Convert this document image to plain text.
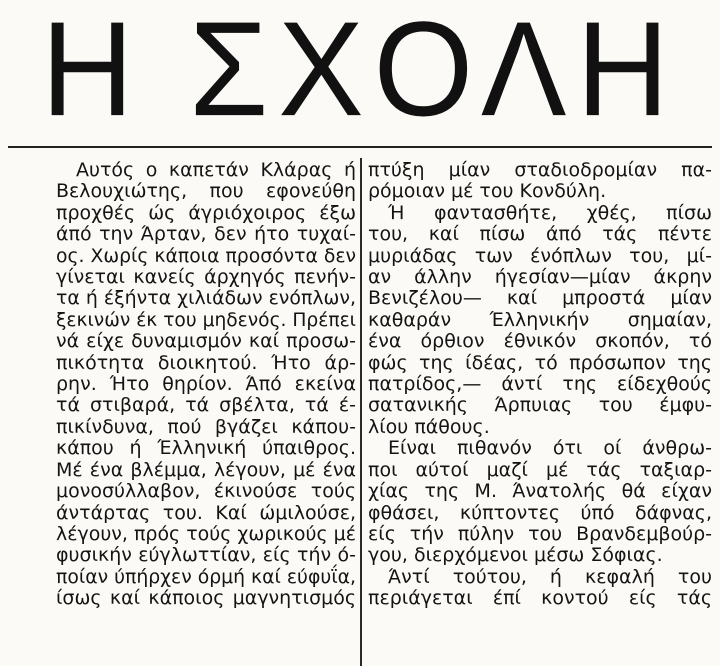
Η ΣΧΟΛΗ
Αυτός ο καπετάν Κλάρας ή
Βελουχιώτης, που εφονεύθη
προχθές ώς άγριόχοιρος έξω
άπό την Άρταν, δεν ήτο τυχαί-
ος. Χωρίς κάποια προσόντα δεν
γίνεται κανείς άρχηγός πενήν-
τα ή έξήντα χιλιάδων ενόπλων,
ξεκινών έκ του μηδενός. Πρέπει
νά είχε δυναμισμόν καί προσω-
πικότητα διοικητού. Ήτο άρ-
ρην. Ήτο θηρίον. Άπό εκείνα
τά στιβαρά, τά σβέλτα, τά έ-
πικίνδυνα, πού βγάζει κάπου-
κάπου ή Έλληνική ύπαιθρος.
Μέ ένα βλέμμα, λέγουν, μέ ένα
μονοσύλλαβον, έκινούσε τούς
άντάρτας του. Καί ώμιλούσε,
λέγουν, πρός τούς χωρικούς μέ
φυσικήν εύγλωττίαν, είς τήν ό-
ποίαν ύπήρχεν όρμή καί εύφυΐα,
ίσως καί κάποιος μαγνητισμός
πτύξη μίαν σταδιοδρομίαν πα-
ρόμοιαν μέ του Κονδύλη.
Ή φαντασθήτε, χθές, πίσω
του, καί πίσω άπό τάς πέντε
μυριάδας των ένόπλων του, μί-
αν άλλην ήγεσίαν—μίαν άκρην
Βενιζέλου— καί μπροστά μίαν
καθαράν Έλληνικήν σημαίαν,
ένα όρθιον έθνικόν σκοπόν, τό
φώς της ίδέας, τό πρόσωπον της
πατρίδος,— άντί της είδεχθούς
σατανικής Άρπυιας του έμφυ-
λίου πάθους.
Είναι πιθανόν ότι οί άνθρω-
ποι αύτοί μαζί μέ τάς ταξιαρ-
χίας της Μ. Άνατολής θά είχαν
φθάσει, κύπτοντες ύπό δάφνας,
είς τήν πύλην του Βρανδεμβούρ-
γου, διερχόμενοι μέσω Σόφιας.
Άντί τούτου, ή κεφαλή του
περιάγεται έπί κοντού είς τάς
